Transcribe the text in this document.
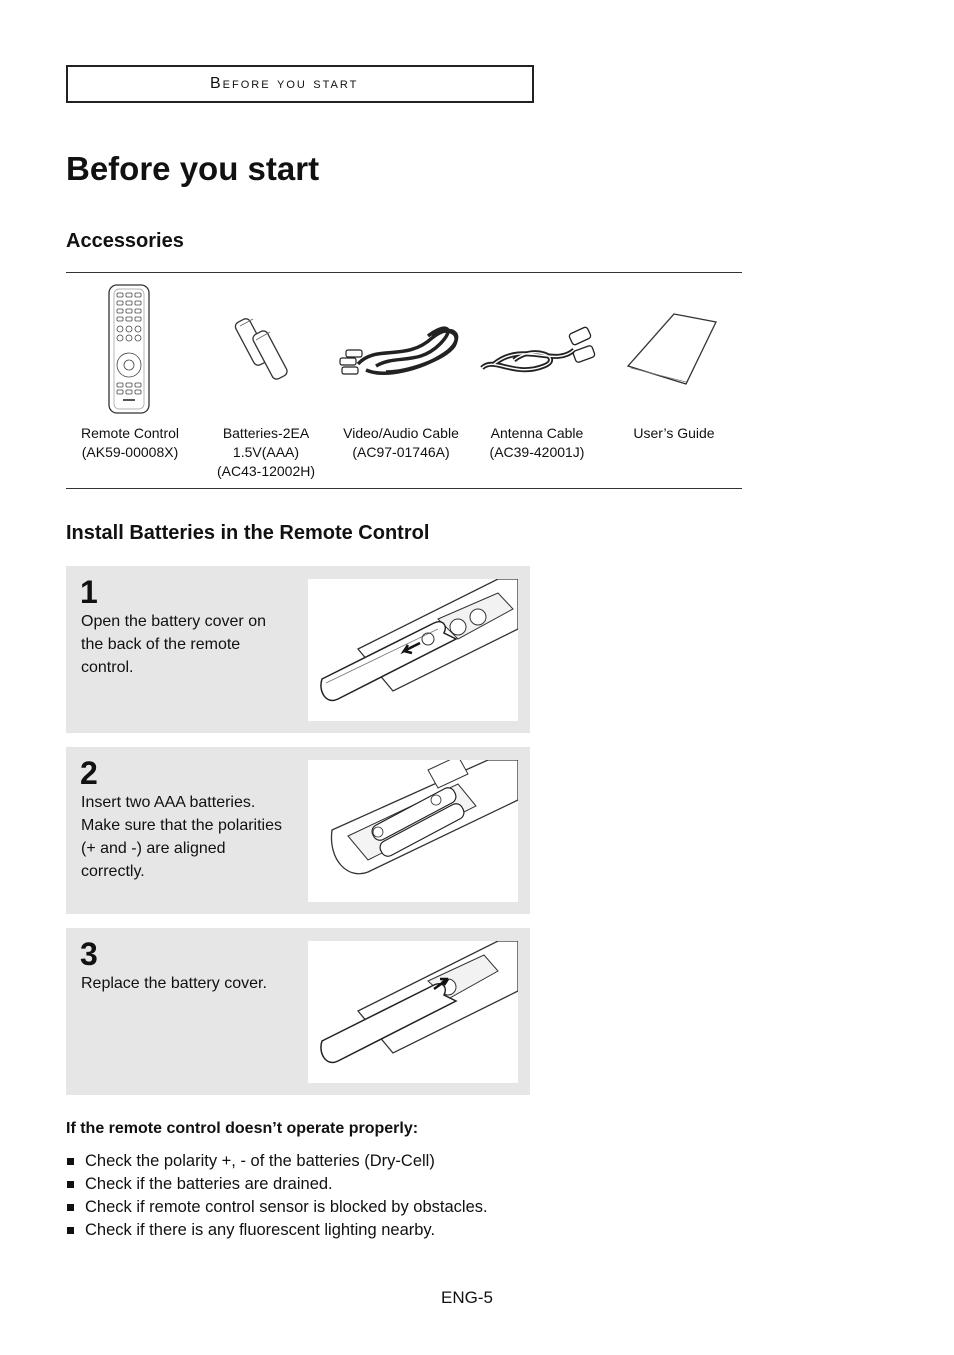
Before you start
Before you start
Accessories
Remote Control
(AK59-00008X)
Batteries-2EA
1.5V(AAA)
(AC43-12002H)
Video/Audio Cable
(AC97-01746A)
Antenna Cable
(AC39-42001J)
User’s Guide
Install Batteries in the Remote Control
1
Open the battery cover on the back of the remote control.
2
Insert two AAA batteries. Make sure that the polarities (+ and -) are aligned correctly.
3
Replace the battery cover.
If the remote control doesn’t operate properly:
Check the polarity +, - of the batteries (Dry-Cell)
Check if the batteries are drained.
Check if remote control sensor is blocked by obstacles.
Check if there is any fluorescent lighting nearby.
ENG-5
